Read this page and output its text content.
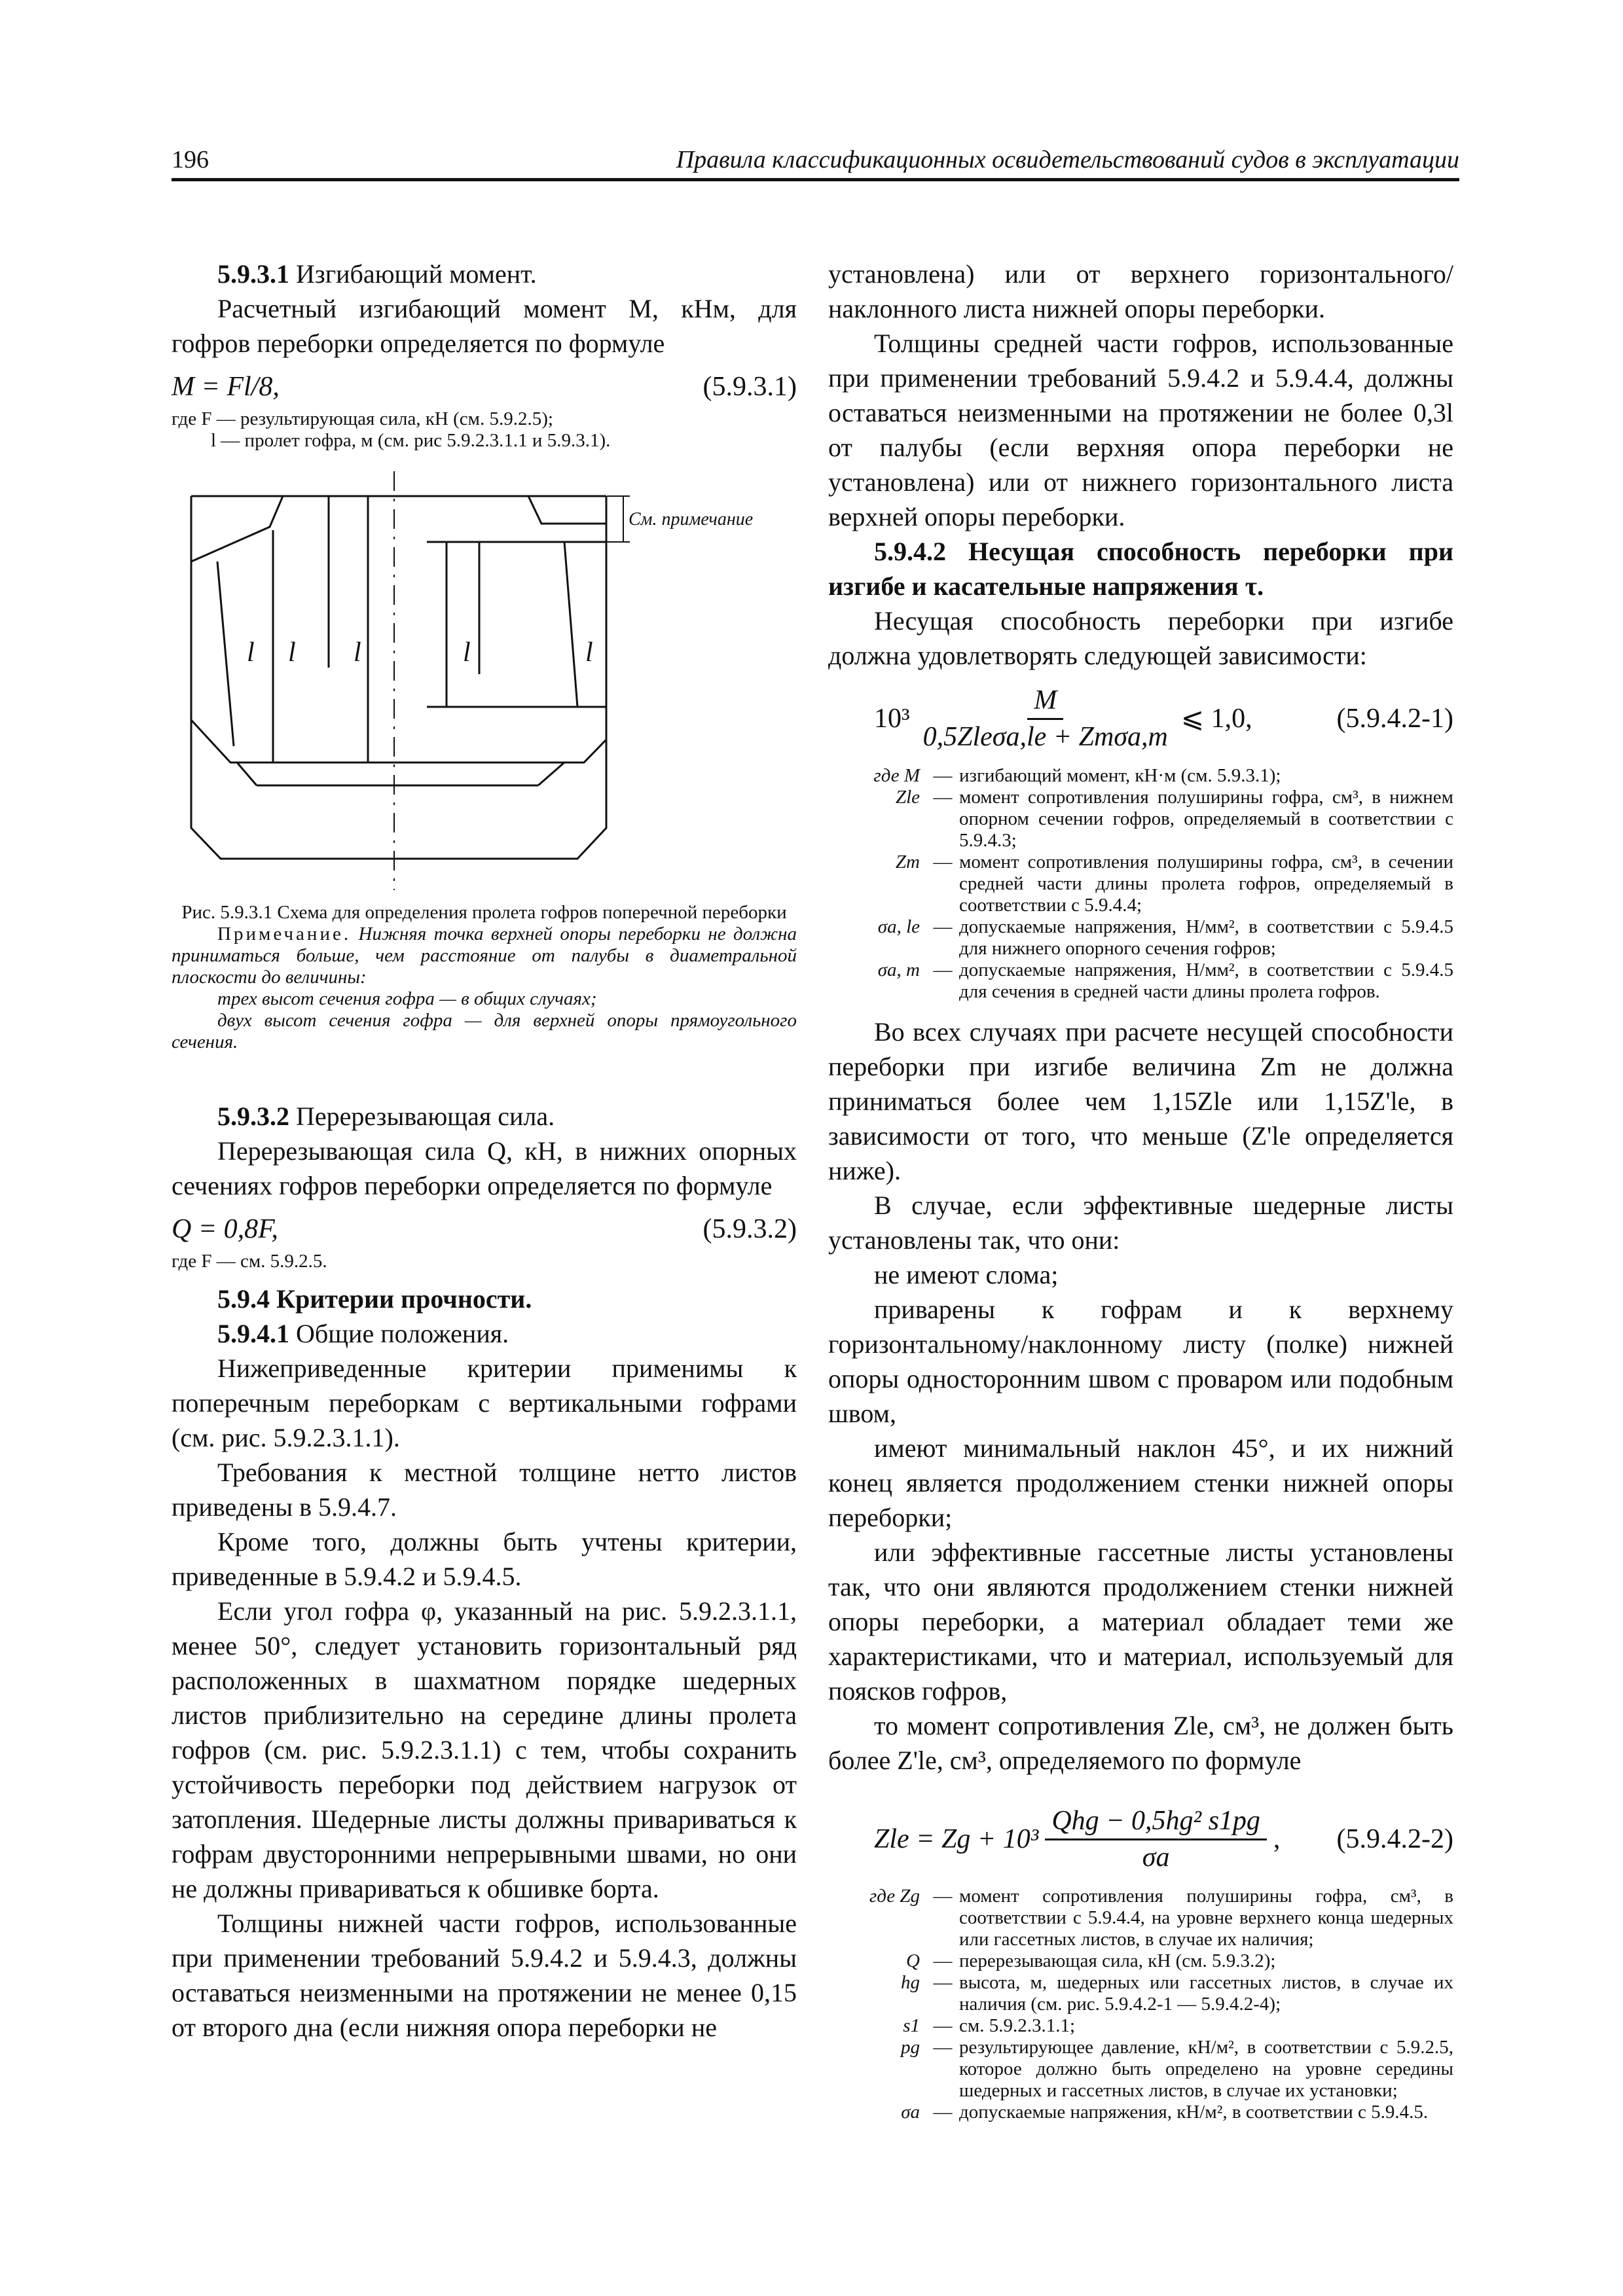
196	Правила классификационных освидетельствований судов в эксплуатации

5.9.3.1 Изгибающий момент.

Расчетный изгибающий момент M, кНм, для гофров переборки определяется по формуле

M = Fl/8,	(5.9.3.1)

где F — результирующая сила, кН (см. 5.9.2.5);

l — пролет гофра, м (см. рис 5.9.2.3.1.1 и 5.9.3.1).

l l l	l	l
См. примечание
Рис. 5.9.3.1 Схема для определения пролета гофров поперечной переборки

Примечание. Нижняя точка верхней опоры переборки не должна приниматься больше, чем расстояние от палубы в диаметральной плоскости до величины:

трех высот сечения гофра — в общих случаях;

двух высот сечения гофра — для верхней опоры прямоугольного сечения.

5.9.3.2 Перерезывающая сила.

Перерезывающая сила Q, кН, в нижних опорных сечениях гофров переборки определяется по формуле

Q = 0,8F,	(5.9.3.2)

где F — см. 5.9.2.5.

5.9.4 Критерии прочности.

5.9.4.1 Общие положения.

Нижеприведенные критерии применимы к поперечным переборкам с вертикальными гофрами (см. рис. 5.9.2.3.1.1).

Требования к местной толщине нетто листов приведены в 5.9.4.7.

Кроме того, должны быть учтены критерии, приведенные в 5.9.4.2 и 5.9.4.5.

Если угол гофра φ, указанный на рис. 5.9.2.3.1.1, менее 50°, следует установить горизонтальный ряд расположенных в шахматном порядке шедерных листов приблизительно на середине длины пролета гофров (см. рис. 5.9.2.3.1.1) с тем, чтобы сохранить устойчивость переборки под действием нагрузок от затопления. Шедерные листы должны привариваться к гофрам двусторонними непрерывными швами, но они не должны привариваться к обшивке борта.

Толщины нижней части гофров, использованные при применении требований 5.9.4.2 и 5.9.4.3, должны оставаться неизменными на протяжении не менее 0,15 от второго дна (если нижняя опора переборки не

установлена) или от верхнего горизонтального/наклонного листа нижней опоры переборки.

Толщины средней части гофров, использованные при применении требований 5.9.4.2 и 5.9.4.4, должны оставаться неизменными на протяжении не более 0,3l от палубы (если верхняя опора переборки не установлена) или от нижнего горизонтального листа верхней опоры переборки.

5.9.4.2 Несущая способность переборки при изгибе и касательные напряжения τ.

Несущая способность переборки при изгибе должна удовлетворять следующей зависимости:

$10^3 \frac{M}{\text{0,5Zleσa,le + Zmσa,m}}$ ⩽ 1,0,	(5.9.4.2-1)
где M — изгибающий момент, кН·м (см. 5.9.3.1);
Zle — момент сопротивления полуширины гофра, см³, в нижнем опорном сечении гофров, определяемый в соответствии с 5.9.4.3;
Zm — момент сопротивления полуширины гофра, см³, в сечении средней части длины пролета гофров, определяемый в соответствии с 5.9.4.4;
σa, le — допускаемые напряжения, Н/мм², в соответствии с 5.9.4.5 для нижнего опорного сечения гофров;
σa, m — допускаемые напряжения, Н/мм², в соответствии с 5.9.4.5 для сечения в средней части длины пролета гофров.

Во всех случаях при расчете несущей способности переборки при изгибе величина Zm не должна приниматься более чем 1,15Zle или 1,15Z'le, в зависимости от того, что меньше (Z'le определяется ниже).

В случае, если эффективные шедерные листы установлены так, что они:

не имеют слома;

приварены к гофрам и к верхнему горизонтальному/наклонному листу (полке) нижней опоры односторонним швом с проваром или подобным швом,

имеют минимальный наклон 45°, и их нижний конец является продолжением стенки нижней опоры переборки;

или эффективные гассетные листы установлены так, что они являются продолжением стенки нижней опоры переборки, а материал обладает теми же характеристиками, что и материал, используемый для поясков гофров,

то момент сопротивления Zle, см³, не должен быть более Z'le, см³, определяемого по формуле

Zle = $Zg + 10^3 \frac{\text{Qhg − 0,5hg² s1pg}}{\sigma a}$ , (5.9.4.2-2)
где Zg — момент сопротивления полуширины гофра, см³, в соответствии с 5.9.4.4, на уровне верхнего конца шедерных или гассетных листов, в случае их наличия;
Q — перерезывающая сила, кН (см. 5.9.3.2);
hg — высота, м, шедерных или гассетных листов, в случае их наличия (см. рис. 5.9.4.2-1 — 5.9.4.2-4);
s1 — см. 5.9.2.3.1.1;
pg — результирующее давление, кН/м², в соответствии с 5.9.2.5, которое должно быть определено на уровне середины шедерных и гассетных листов, в случае их установки;
σa — допускаемые напряжения, кН/м², в соответствии с 5.9.4.5.
